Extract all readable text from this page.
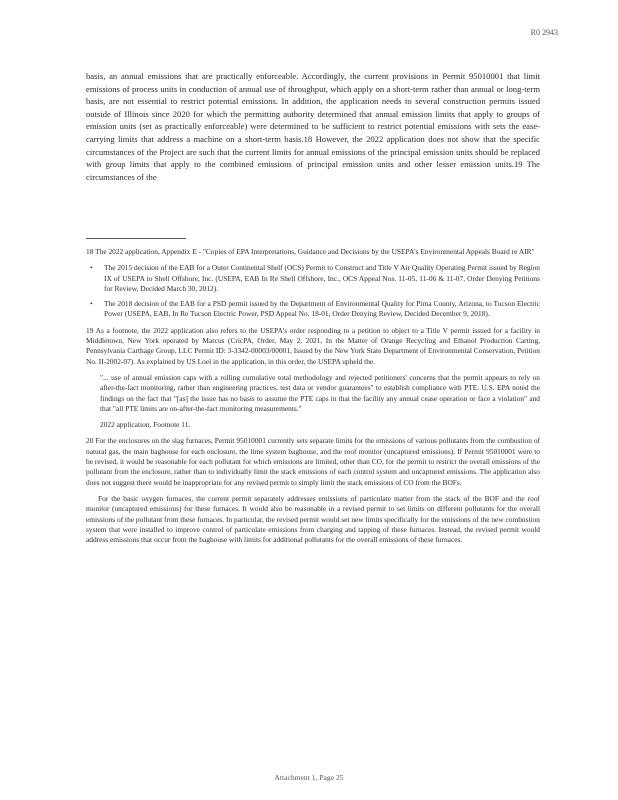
R0 2943

basis, an annual emissions that are practically enforceable. Accordingly, the current provisions in Permit 95010001 that limit emissions of process units in conduction of annual use of throughput, which apply on a short-term rather than annual or long-term basis, are not essential to restrict potential emissions. In addition, the application needs to several construction permits issued outside of Illinois since 2020 for which the permitting authority determined that annual emission limits that apply to groups of emission units (set as practically enforceable) were determined to be sufficient to restrict potential emissions with sets the ease-carrying limits that address a machine on a short-term basis.18 However, the 2022 application does not show that the specific circumstances of the Project are such that the current limits for annual emissions of the principal emission units should be replaced with group limits that apply to the combined emissions of principal emission units and other lesser emission units.19 The circumstances of the

18 The 2022 application, Appendix E - "Copies of EPA Interpretations, Guidance and Decisions by the USEPA's Environmental Appeals Board re AIR"

• The 2015 decision of the EAB for a Outer Continental Shelf (OCS) Permit to Construct and Title V Air Quality Operating Permit issued by Region IX of USEPA to Shell Offshore, Inc. (USEPA, EAB In Re Shell Offshore, Inc., OCS Appeal Nos. 11-05, 11-06 & 11-07, Order Denying Petitions for Review, Decided March 30, 2012).
• The 2018 decision of the EAB for a PSD permit issued by the Department of Environmental Quality for Pima County, Arizona, to Tucson Electric Power (USEPA, EAB, In Re Tucson Electric Power, PSD Appeal No. 18-01, Order Denying Review, Decided December 9, 2018).

19 As a footnote, the 2022 application also refers to the USEPA's order responding to a petition to object to a Title V permit issued for a facility in Middletown, New York operated by Marcus (CricPA, Order, May 2, 2021, In the Matter of Orange Recycling and Ethanol Production Carting, Pennsylvania Carthage Group, LLC Permit ID: 3-3342-00003/00001, Issued by the New York State Department of Environmental Conservation, Petition No. II-2002-07). As explained by US Loel in the application, in this order, the USEPA upheld the.

"... use of annual emission caps with a rolling cumulative total methodology and rejected petitioners' concerns that the permit appears to rely on after-the-fact monitoring, rather than engineering practices, test data or vendor guarantees" to establish compliance with PTE. U.S. EPA noted the findings on the fact that "[as] the issue has no basis to assume the PTE caps in that the facility any annual cease operation or face a violation" and that "all PTE limits are on-after-the-fact monitoring measurements."

2022 application, Footnote 11.

20 For the enclosures on the slag furnaces, Permit 95010001 currently sets separate limits for the emissions of various pollutants from the combustion of natural gas, the main baghouse for each enclosure, the lime system baghouse, and the roof monitor (uncaptured emissions). If Permit 95010001 were to be revised, it would be reasonable for each pollutant for which emissions are limited, other than CO, for the permit to restrict the overall emissions of the pollutant from the enclosure, rather than to individually limit the stack emissions of each control system and uncaptured emissions. The application also does not suggest there would be inappropriate for any revised permit to simply limit the stack emissions of CO from the BOFs.

For the basic oxygen furnaces, the current permit separately addresses emissions of particulate matter from the stack of the BOF and the roof monitor (uncaptured emissions) for these furnaces. It would also be reasonable in a revised permit to set limits on different pollutants for the overall emissions of the pollutant from these furnaces. In particular, the revised permit would set new limits specifically for the emissions of the new combustion system that were installed to improve control of particulate emissions from charging and tapping of these furnaces. Instead, the revised permit would address emissions that occur from the baghouse with limits for additional pollutants for the overall emissions of these furnaces.

Attachment 1, Page 25
